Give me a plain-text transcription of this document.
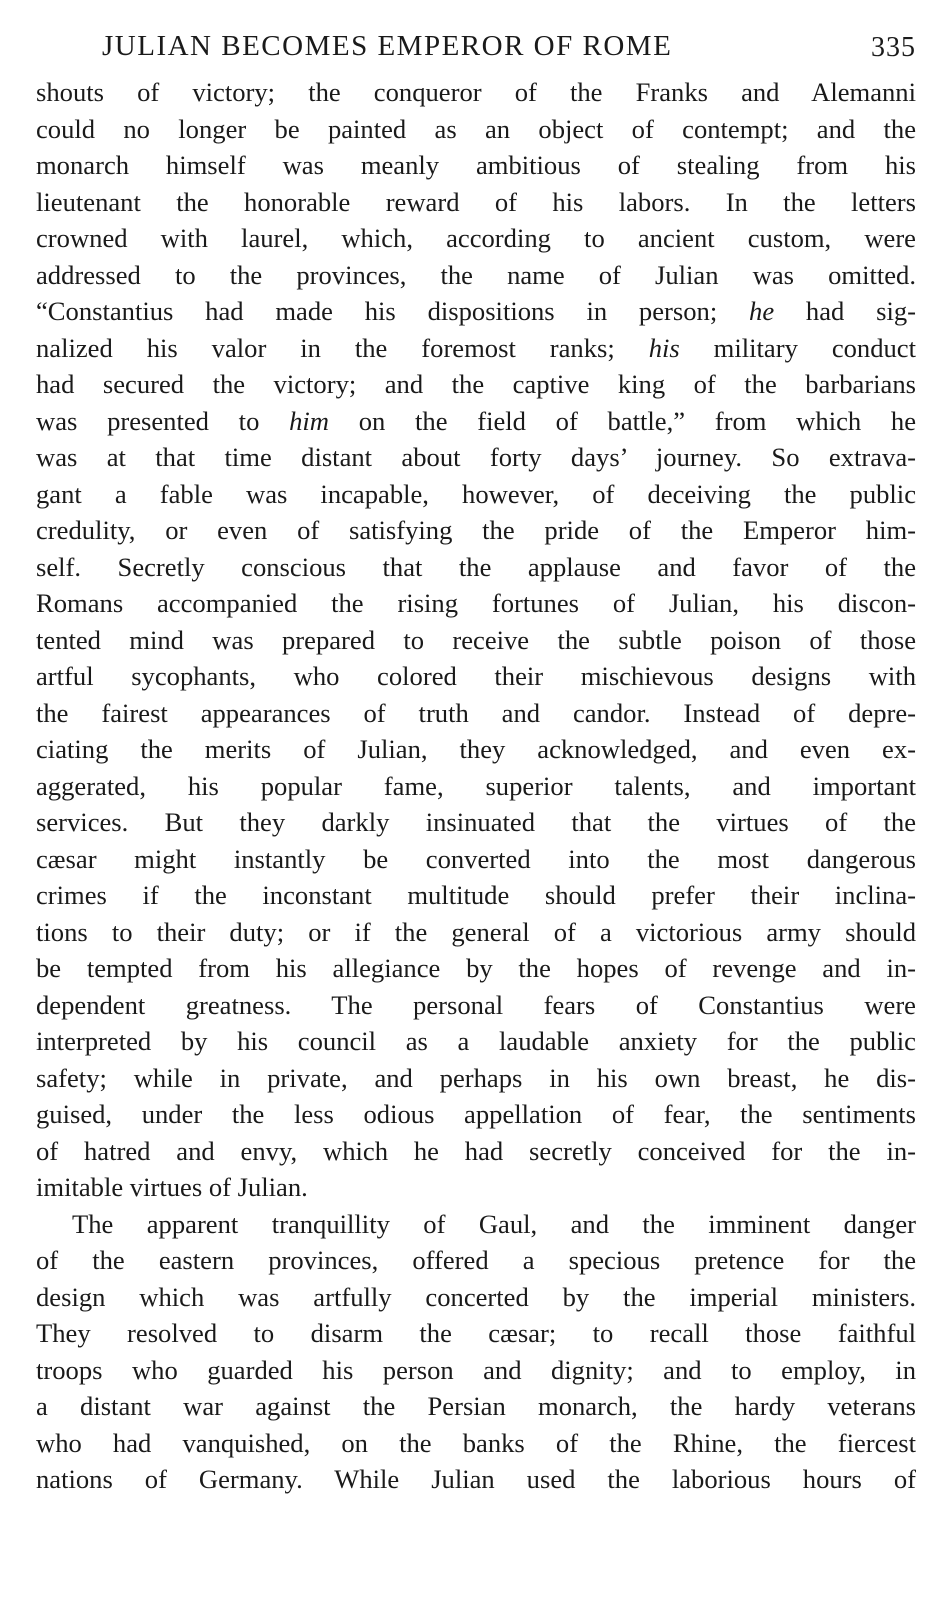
JULIAN BECOMES EMPEROR OF ROME	335
shouts of victory; the conqueror of the Franks and Alemanni
could no longer be painted as an object of contempt; and the
monarch himself was meanly ambitious of stealing from his
lieutenant the honorable reward of his labors. In the letters
crowned with laurel, which, according to ancient custom, were
addressed to the provinces, the name of Julian was omitted.
“Constantius had made his dispositions in person; he had sig-
nalized his valor in the foremost ranks; his military conduct
had secured the victory; and the captive king of the barbarians
was presented to him on the field of battle,” from which he
was at that time distant about forty days’ journey. So extrava-
gant a fable was incapable, however, of deceiving the public
credulity, or even of satisfying the pride of the Emperor him-
self. Secretly conscious that the applause and favor of the
Romans accompanied the rising fortunes of Julian, his discon-
tented mind was prepared to receive the subtle poison of those
artful sycophants, who colored their mischievous designs with
the fairest appearances of truth and candor. Instead of depre-
ciating the merits of Julian, they acknowledged, and even ex-
aggerated, his popular fame, superior talents, and important
services. But they darkly insinuated that the virtues of the
cæsar might instantly be converted into the most dangerous
crimes if the inconstant multitude should prefer their inclina-
tions to their duty; or if the general of a victorious army should
be tempted from his allegiance by the hopes of revenge and in-
dependent greatness. The personal fears of Constantius were
interpreted by his council as a laudable anxiety for the public
safety; while in private, and perhaps in his own breast, he dis-
guised, under the less odious appellation of fear, the sentiments
of hatred and envy, which he had secretly conceived for the in-
imitable virtues of Julian.
The apparent tranquillity of Gaul, and the imminent danger
of the eastern provinces, offered a specious pretence for the
design which was artfully concerted by the imperial ministers.
They resolved to disarm the cæsar; to recall those faithful
troops who guarded his person and dignity; and to employ, in
a distant war against the Persian monarch, the hardy veterans
who had vanquished, on the banks of the Rhine, the fiercest
nations of Germany. While Julian used the laborious hours of
